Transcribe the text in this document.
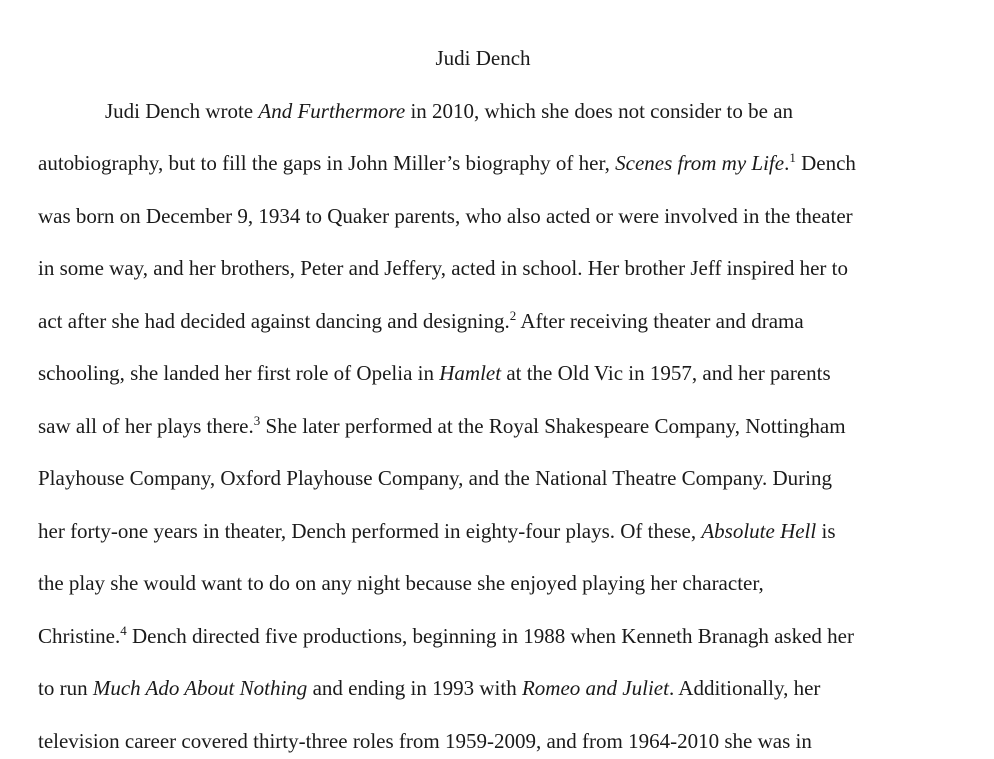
Judi Dench
Judi Dench wrote And Furthermore in 2010, which she does not consider to be an
autobiography, but to fill the gaps in John Miller’s biography of her, Scenes from my Life.$^1$ Dench
was born on December 9, 1934 to Quaker parents, who also acted or were involved in the theater
in some way, and her brothers, Peter and Jeffery, acted in school. Her brother Jeff inspired her to
act after she had decided against dancing and designing.$^2$ After receiving theater and drama
schooling, she landed her first role of Opelia in Hamlet at the Old Vic in 1957, and her parents
saw all of her plays there.$^3$ She later performed at the Royal Shakespeare Company, Nottingham
Playhouse Company, Oxford Playhouse Company, and the National Theatre Company. During
her forty-one years in theater, Dench performed in eighty-four plays. Of these, Absolute Hell is
the play she would want to do on any night because she enjoyed playing her character,
Christine.$^4$ Dench directed five productions, beginning in 1988 when Kenneth Branagh asked her
to run Much Ado About Nothing and ending in 1993 with Romeo and Juliet. Additionally, her
television career covered thirty-three roles from 1959-2009, and from 1964-2010 she was in
